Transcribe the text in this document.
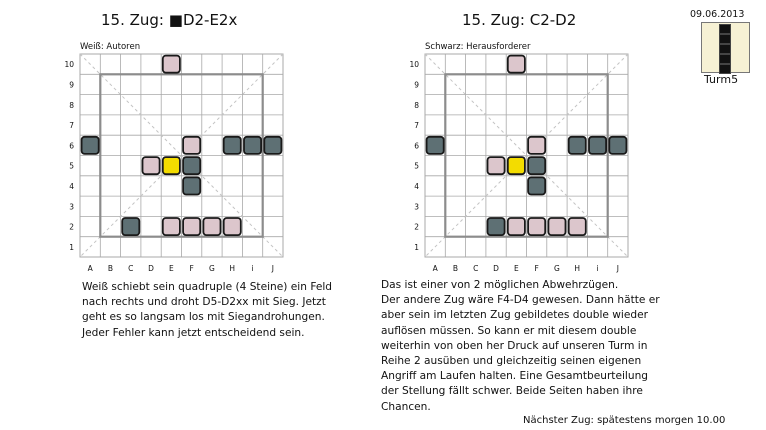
15. Zug: ■D2-E2x
Weiß: Autoren
10
9
8
7
6
5
4
3
2
1
A B C D E F G H i J
Weiß schiebt sein quadruple (4 Steine) ein Feld
nach rechts und droht D5-D2xx mit Sieg. Jetzt
geht es so langsam los mit Siegandrohungen.
Jeder Fehler kann jetzt entscheidend sein.
15. Zug: C2-D2
Schwarz: Herausforderer
10
9
8
7
6
5
4
3
2
1
A B C D E F G H i J
Das ist einer von 2 möglichen Abwehrzügen.
Der andere Zug wäre F4-D4 gewesen. Dann hätte er
aber sein im letzten Zug gebildetes double wieder
auflösen müssen. So kann er mit diesem double
weiterhin von oben her Druck auf unseren Turm in
Reihe 2 ausüben und gleichzeitig seinen eigenen
Angriff am Laufen halten. Eine Gesamtbeurteilung
der Stellung fällt schwer. Beide Seiten haben ihre
Chancen.
09.06.2013
Turm5
Nächster Zug: spätestens morgen 10.00
